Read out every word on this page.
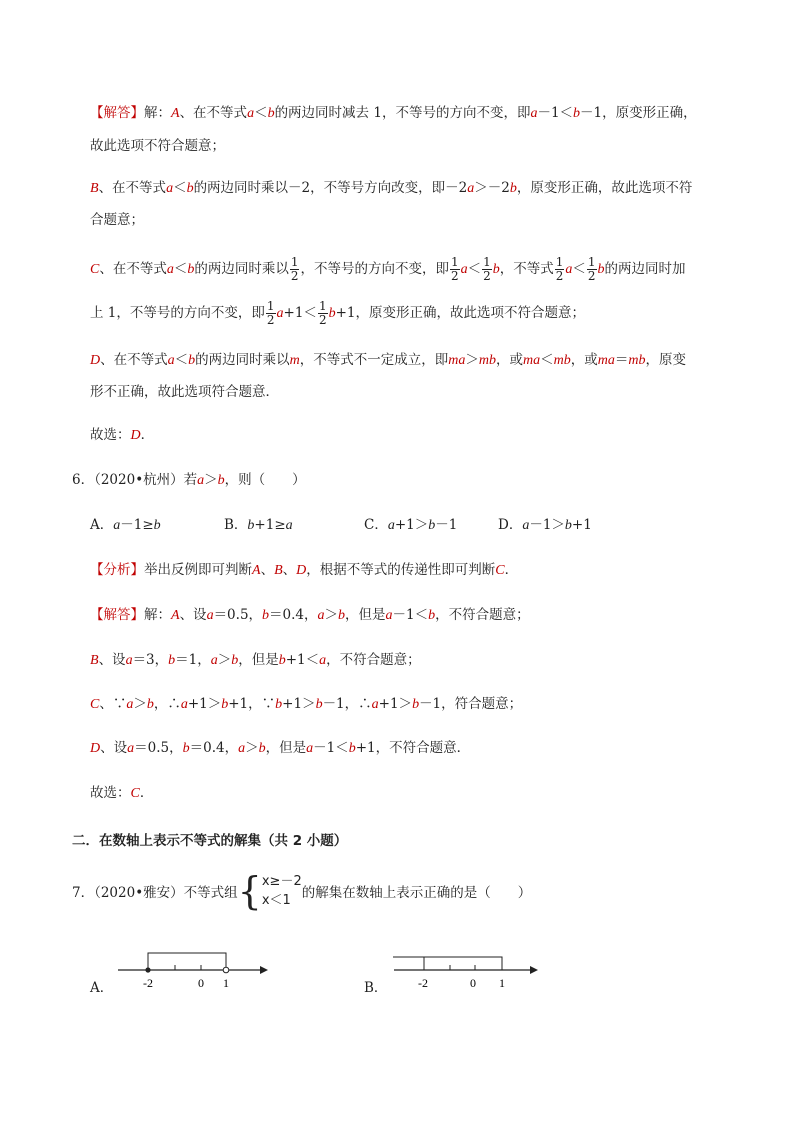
【解答】解：A、在不等式a＜b的两边同时减去 1，不等号的方向不变，即a－1＜b－1，原变形正确，
故此选项不符合题意；
B、在不等式a＜b的两边同时乘以－2，不等号方向改变，即－2a＞－2b，原变形正确，故此选项不符
合题意；
C、在不等式a＜b的两边同时乘以 $\frac{1}{2}$ ，不等号的方向不变，即 $\frac{1}{2} a< \frac{1}{2}$ b，不等式 $\frac{1}{2} a< \frac{1}{2}$ b的两边同时加
上 1，不等号的方向不变，即 $\frac{1}{2} a+1< \frac{1}{2} b+1$，原变形正确，故此选项不符合题意；
D、在不等式a＜b的两边同时乘以m，不等式不一定成立，即ma＞mb，或ma＜mb，或ma＝mb，原变
形不正确，故此选项符合题意．
故选：D．
6．（2020•杭州）若a＞b，则（　　）
A．a－1≥b	B．b+1≥a	C．a+1＞b－1	D．a－1＞b+1
【分析】举出反例即可判断A、B、D，根据不等式的传递性即可判断C．
【解答】解：A、设a＝0.5，b＝0.4，a＞b，但是a－1＜b，不符合题意；
B、设a＝3，b＝1，a＞b，但是b+1＜a，不符合题意；
C、∵a＞b，∴a+1＞b+1，∵b+1＞b－1，∴a+1＞b－1，符合题意；
D、设a＝0.5，b＝0.4，a＞b，但是a－1＜b+1，不符合题意．
故选：C．
二．在数轴上表示不等式的解集（共 2 小题）
7．（2020•雅安）不等式组{ x≥－2
x＜1 的解集在数轴上表示正确的是（　　）
A． -2	0 1	B．	-2	0 1
